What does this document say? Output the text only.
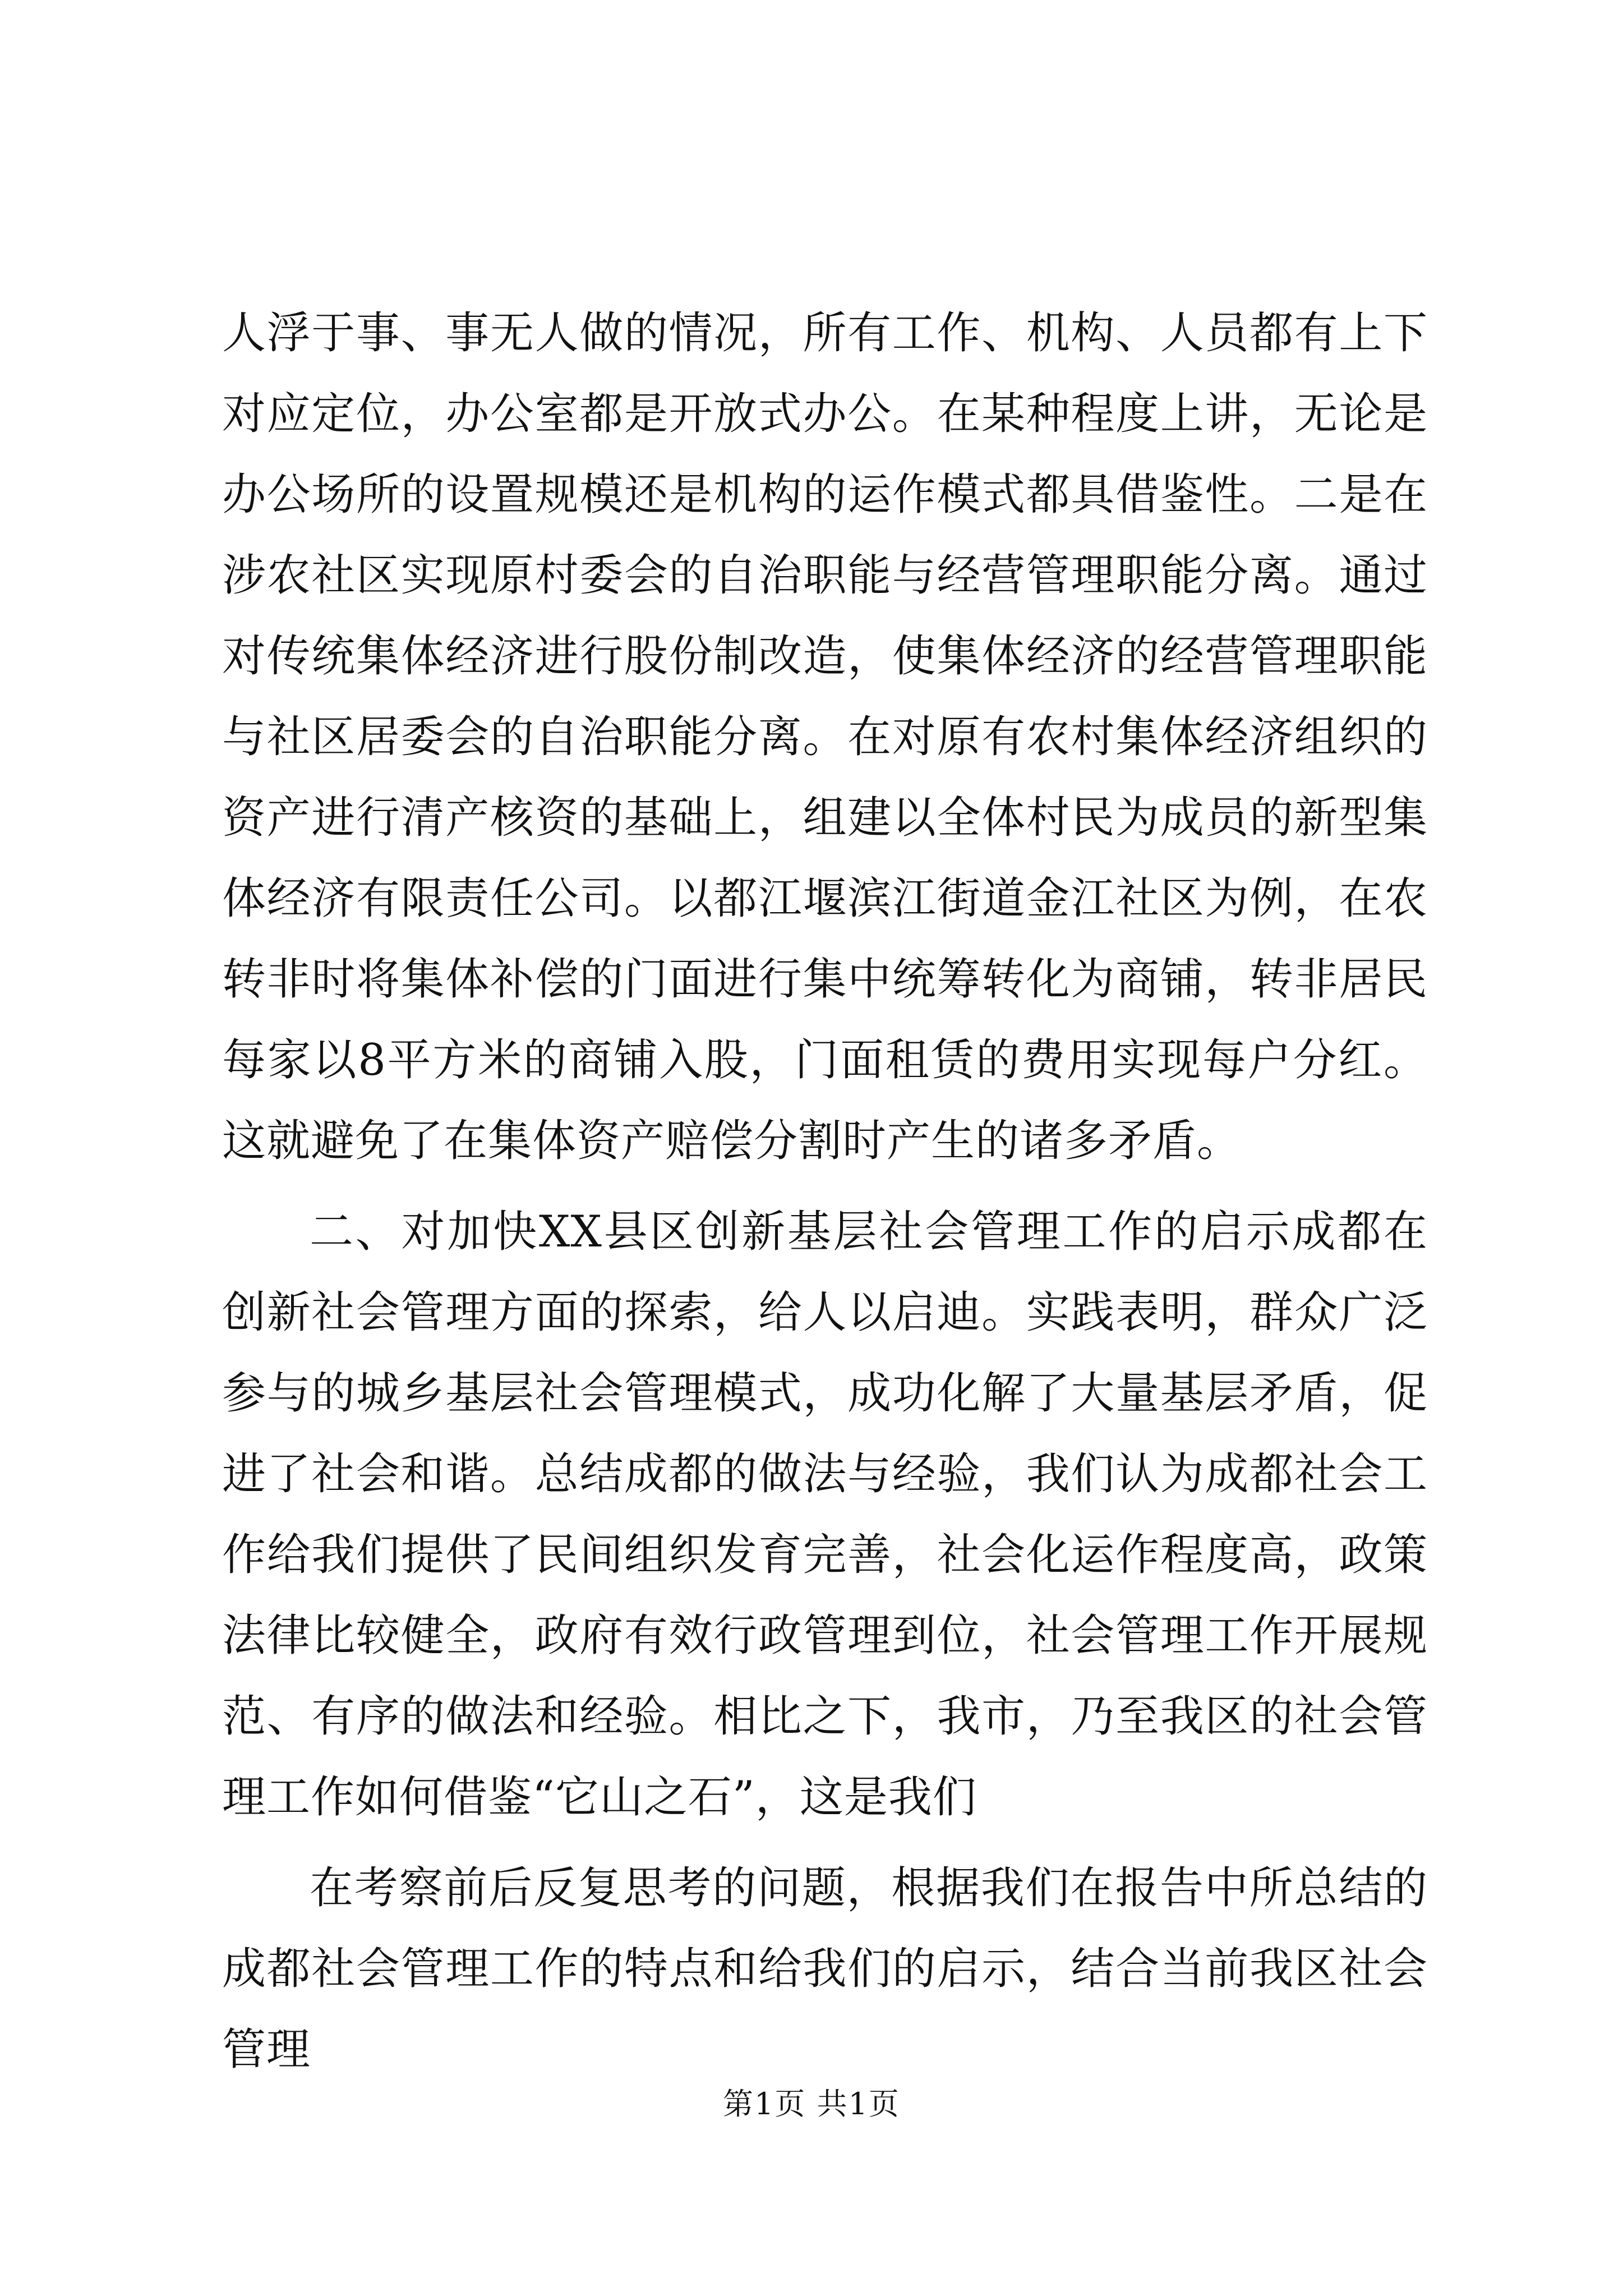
人浮于事、事无人做的情况，所有工作、机构、人员都有上下对应定位，办公室都是开放式办公。在某种程度上讲，无论是办公场所的设置规模还是机构的运作模式都具借鉴性。二是在涉农社区实现原村委会的自治职能与经营管理职能分离。通过对传统集体经济进行股份制改造，使集体经济的经营管理职能与社区居委会的自治职能分离。在对原有农村集体经济组织的资产进行清产核资的基础上，组建以全体村民为成员的新型集体经济有限责任公司。以都江堰滨江街道金江社区为例，在农转非时将集体补偿的门面进行集中统筹转化为商铺，转非居民每家以8平方米的商铺入股，门面租赁的费用实现每户分红。这就避免了在集体资产赔偿分割时产生的诸多矛盾。

二、对加快XX县区创新基层社会管理工作的启示成都在创新社会管理方面的探索，给人以启迪。实践表明，群众广泛参与的城乡基层社会管理模式，成功化解了大量基层矛盾，促进了社会和谐。总结成都的做法与经验，我们认为成都社会工作给我们提供了民间组织发育完善，社会化运作程度高，政策法律比较健全，政府有效行政管理到位，社会管理工作开展规范、有序的做法和经验。相比之下，我市，乃至我区的社会管理工作如何借鉴“它山之石”，这是我们

在考察前后反复思考的问题，根据我们在报告中所总结的成都社会管理工作的特点和给我们的启示，结合当前我区社会管理

第1页 共1页
